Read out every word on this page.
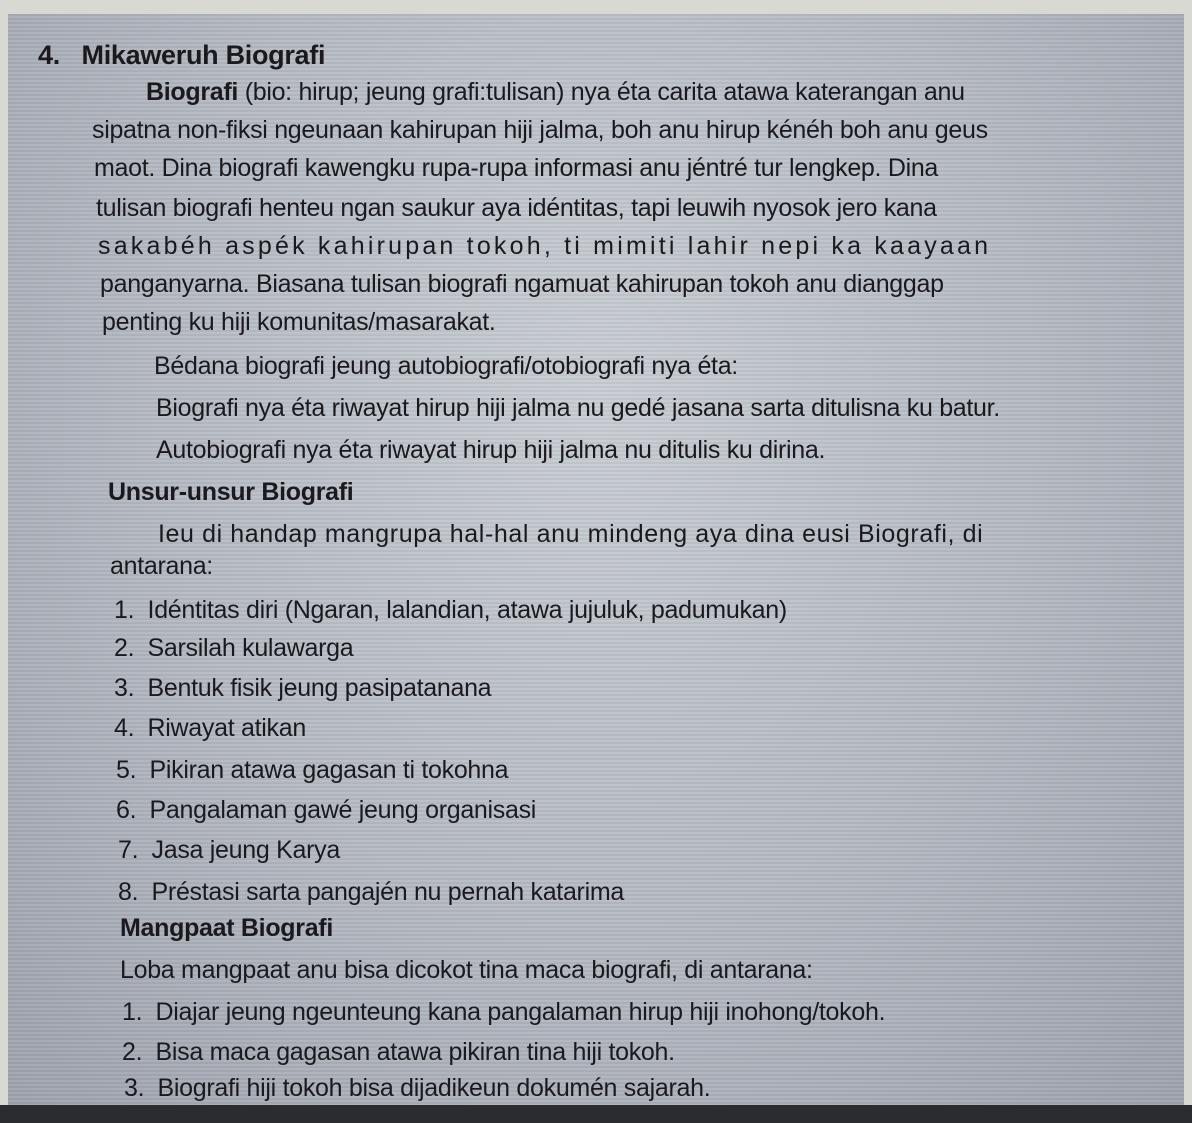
4. Mikaweruh Biografi
Biografi (bio: hirup; jeung grafi:tulisan) nya éta carita atawa katerangan anu
sipatna non-fiksi ngeunaan kahirupan hiji jalma, boh anu hirup kénéh boh anu geus
maot. Dina biografi kawengku rupa-rupa informasi anu jéntré tur lengkep. Dina
tulisan biografi henteu ngan saukur aya idéntitas, tapi leuwih nyosok jero kana
sakabéh aspék kahirupan tokoh, ti mimiti lahir nepi ka kaayaan
panganyarna. Biasana tulisan biografi ngamuat kahirupan tokoh anu dianggap
penting ku hiji komunitas/masarakat.
Bédana biografi jeung autobiografi/otobiografi nya éta:
Biografi nya éta riwayat hirup hiji jalma nu gedé jasana sarta ditulisna ku batur.
Autobiografi nya éta riwayat hirup hiji jalma nu ditulis ku dirina.
Unsur-unsur Biografi
Ieu di handap mangrupa hal-hal anu mindeng aya dina eusi Biografi, di
antarana:
1. Idéntitas diri (Ngaran, lalandian, atawa jujuluk, padumukan)
2. Sarsilah kulawarga
3. Bentuk fisik jeung pasipatanana
4. Riwayat atikan
5. Pikiran atawa gagasan ti tokohna
6. Pangalaman gawé jeung organisasi
7. Jasa jeung Karya
8. Préstasi sarta pangajén nu pernah katarima
Mangpaat Biografi
Loba mangpaat anu bisa dicokot tina maca biografi, di antarana:
1. Diajar jeung ngeunteung kana pangalaman hirup hiji inohong/tokoh.
2. Bisa maca gagasan atawa pikiran tina hiji tokoh.
3. Biografi hiji tokoh bisa dijadikeun dokumén sajarah.
